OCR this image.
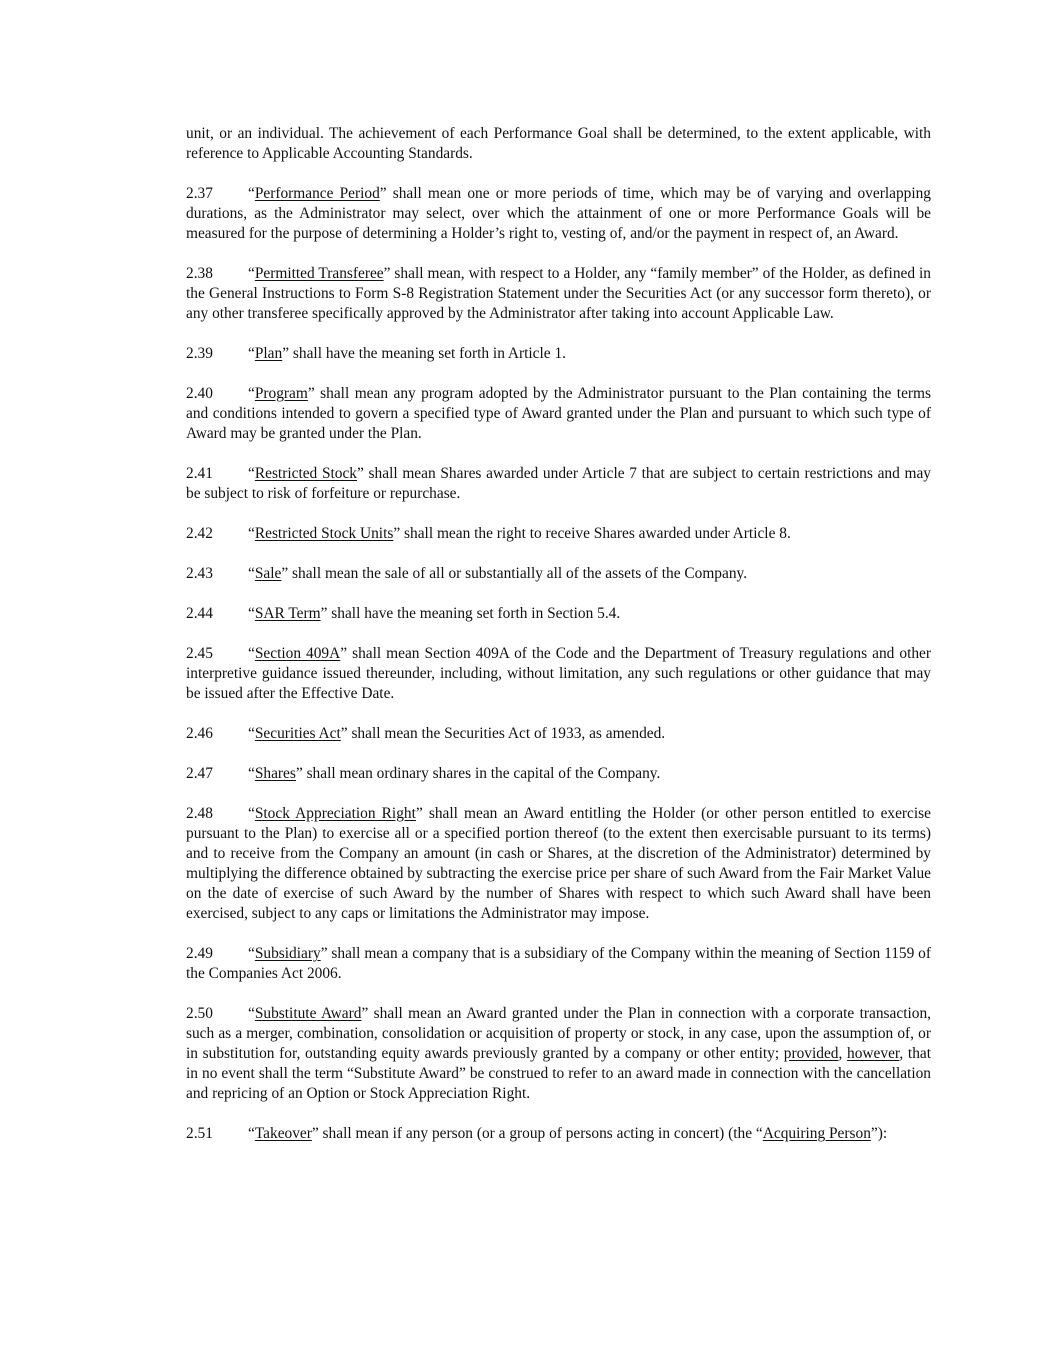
unit, or an individual. The achievement of each Performance Goal shall be determined, to the extent applicable, with reference to Applicable Accounting Standards.

2.37 “Performance Period” shall mean one or more periods of time, which may be of varying and overlapping durations, as the Administrator may select, over which the attainment of one or more Performance Goals will be measured for the purpose of determining a Holder’s right to, vesting of, and/or the payment in respect of, an Award.

2.38 “Permitted Transferee” shall mean, with respect to a Holder, any “family member” of the Holder, as defined in the General Instructions to Form S-8 Registration Statement under the Securities Act (or any successor form thereto), or any other transferee specifically approved by the Administrator after taking into account Applicable Law.

2.39 “Plan” shall have the meaning set forth in Article 1.

2.40 “Program” shall mean any program adopted by the Administrator pursuant to the Plan containing the terms and conditions intended to govern a specified type of Award granted under the Plan and pursuant to which such type of Award may be granted under the Plan.

2.41 “Restricted Stock” shall mean Shares awarded under Article 7 that are subject to certain restrictions and may be subject to risk of forfeiture or repurchase.

2.42 “Restricted Stock Units” shall mean the right to receive Shares awarded under Article 8.

2.43 “Sale” shall mean the sale of all or substantially all of the assets of the Company.

2.44 “SAR Term” shall have the meaning set forth in Section 5.4.

2.45 “Section 409A” shall mean Section 409A of the Code and the Department of Treasury regulations and other interpretive guidance issued thereunder, including, without limitation, any such regulations or other guidance that may be issued after the Effective Date.

2.46 “Securities Act” shall mean the Securities Act of 1933, as amended.

2.47 “Shares” shall mean ordinary shares in the capital of the Company.

2.48 “Stock Appreciation Right” shall mean an Award entitling the Holder (or other person entitled to exercise pursuant to the Plan) to exercise all or a specified portion thereof (to the extent then exercisable pursuant to its terms) and to receive from the Company an amount (in cash or Shares, at the discretion of the Administrator) determined by multiplying the difference obtained by subtracting the exercise price per share of such Award from the Fair Market Value on the date of exercise of such Award by the number of Shares with respect to which such Award shall have been exercised, subject to any caps or limitations the Administrator may impose.

2.49 “Subsidiary” shall mean a company that is a subsidiary of the Company within the meaning of Section 1159 of the Companies Act 2006.

2.50 “Substitute Award” shall mean an Award granted under the Plan in connection with a corporate transaction, such as a merger, combination, consolidation or acquisition of property or stock, in any case, upon the assumption of, or in substitution for, outstanding equity awards previously granted by a company or other entity; provided, however, that in no event shall the term “Substitute Award” be construed to refer to an award made in connection with the cancellation and repricing of an Option or Stock Appreciation Right.

2.51 “Takeover” shall mean if any person (or a group of persons acting in concert) (the “Acquiring Person”):
